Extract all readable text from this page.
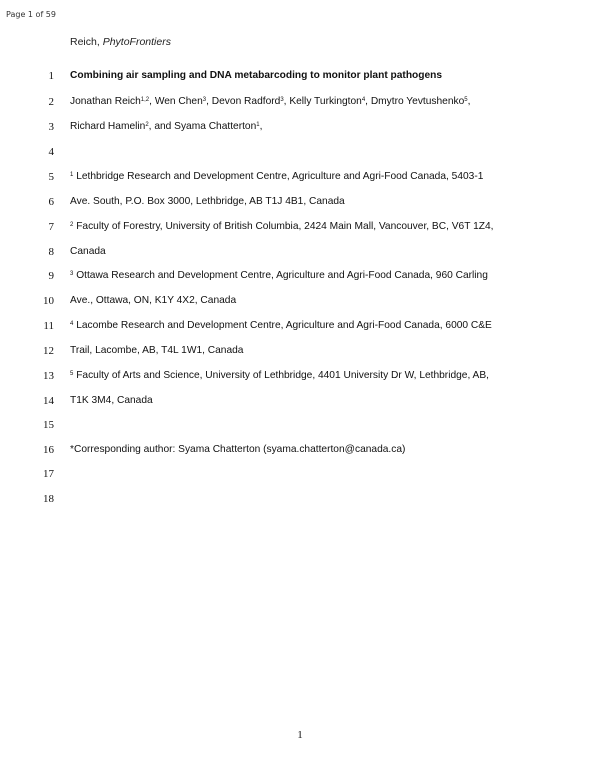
Page 1 of 59
Reich, PhytoFrontiers
1 Combining air sampling and DNA metabarcoding to monitor plant pathogens
2 Jonathan Reich$^{1,2}$, Wen Chen$^3$, Devon Radford$^3$, Kelly Turkington$^4$, Dmytro Yevtushenko$^5$,
3 Richard Hamelin$^2$, and Syama Chatterton$^1$,
4
5	$^1$ Lethbridge Research and Development Centre, Agriculture and Agri-Food Canada, 5403-1
6 Ave. South, P.O. Box 3000, Lethbridge, AB T1J 4B1, Canada
7	$^2$ Faculty of Forestry, University of British Columbia, 2424 Main Mall, Vancouver, BC, V6T 1Z4,
8 Canada
9	$^3$ Ottawa Research and Development Centre, Agriculture and Agri-Food Canada, 960 Carling
10 Ave., Ottawa, ON, K1Y 4X2, Canada
11	$^4$ Lacombe Research and Development Centre, Agriculture and Agri-Food Canada, 6000 C&E
12 Trail, Lacombe, AB, T4L 1W1, Canada
13	$^5$ Faculty of Arts and Science, University of Lethbridge, 4401 University Dr W, Lethbridge, AB,
14 T1K 3M4, Canada
15
16 *Corresponding author: Syama Chatterton (syama.chatterton@canada.ca)
17
18
1
